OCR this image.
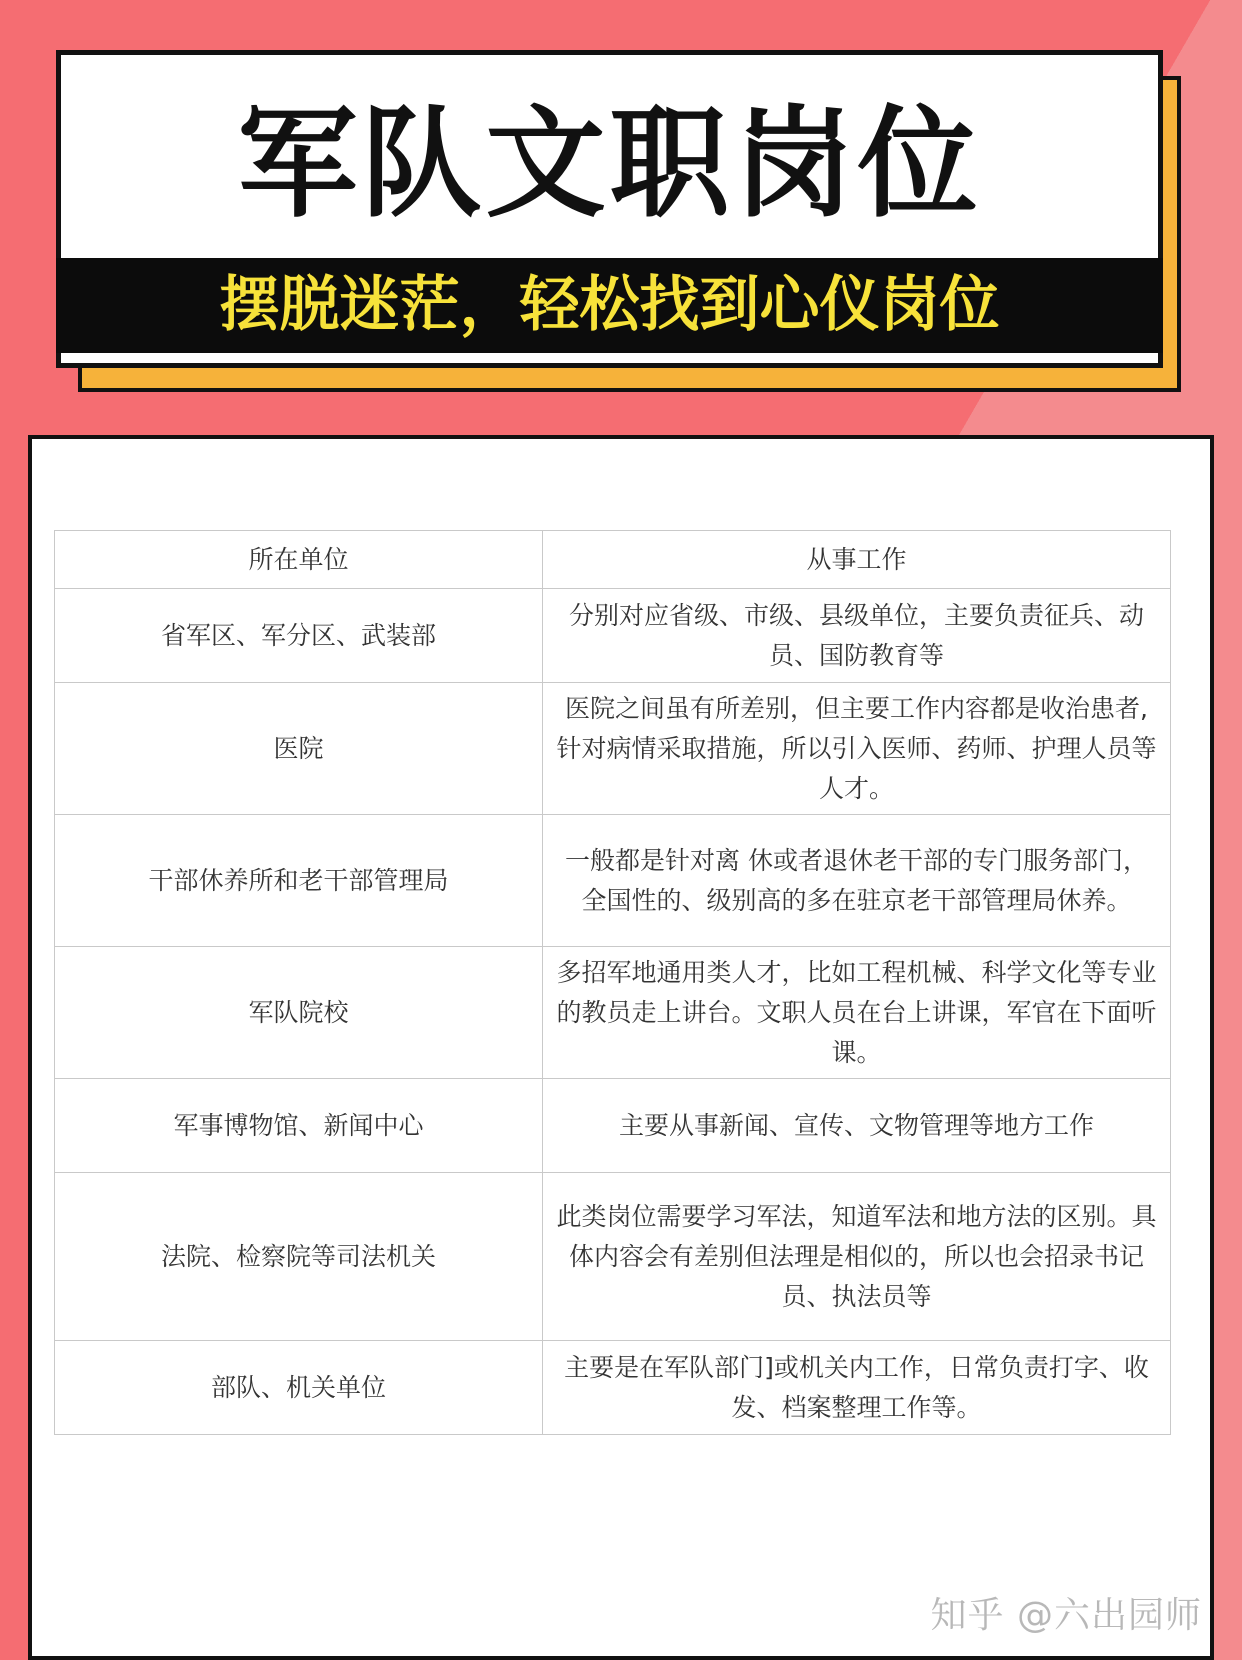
军队文职岗位
摆脱迷茫，轻松找到心仪岗位
所在单位	从事工作
省军区、军分区、武装部	分别对应省级、市级、县级单位，主要负责征兵、动员、国防教育等
医院	医院之间虽有所差别，但主要工作内容都是收治患者,针对病情采取措施，所以引入医师、药师、护理人员等人才。
干部休养所和老干部管理局	一般都是针对离 休或者退休老干部的专门服务部门，全国性的、级别高的多在驻京老干部管理局休养。
军队院校	多招军地通用类人才，比如工程机械、科学文化等专业的教员走上讲台。文职人员在台上讲课，军官在下面听课。
军事博物馆、新闻中心	主要从事新闻、宣传、文物管理等地方工作
法院、检察院等司法机关	此类岗位需要学习军法，知道军法和地方法的区别。具体内容会有差别但法理是相似的，所以也会招录书记员、执法员等
部队、机关单位	主要是在军队部门]或机关内工作，日常负责打字、收发、档案整理工作等。
知乎 @六出园师
